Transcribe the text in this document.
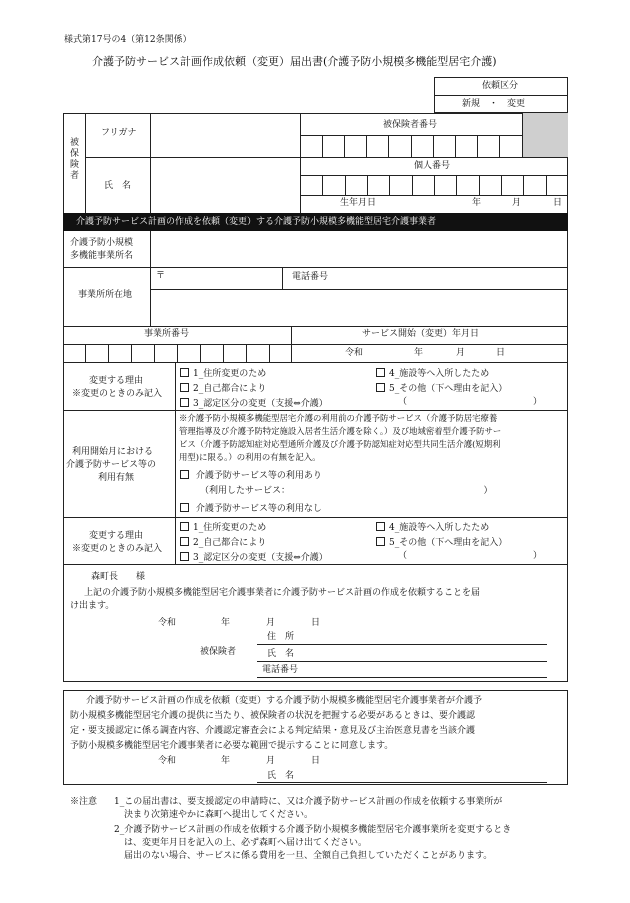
様式第17号の4（第12条関係）
介護予防サービス計画作成依頼（変更）届出書(介護予防小規模多機能型居宅介護)
依頼区分
新規　・　変更
被
保
険
者
フリガナ
氏　名
被保険者番号
個人番号
生年月日	年	月	日
介護予防サービス計画の作成を依頼（変更）する介護予防小規模多機能型居宅介護事業者
介護予防小規模
多機能事業所名
事業所所在地
〒	電話番号
事業所番号	サービス開始（変更）年月日
令和	年	月	日
変更する理由
※変更のときのみ記入
1_住所変更のため
2_自己都合により
3_認定区分の変更（支援⇔介護）
4_施設等へ入所したため
5_その他（下へ理由を記入）
（　　　　　　　　　　　　　　）
利用開始月における
介護予防サービス等の
利用有無
※介護予防小規模多機能型居宅介護の利用前の介護予防サービス（介護予防居宅療養
管理指導及び介護予防特定施設入居者生活介護を除く。）及び地域密着型介護予防サー
ビス（介護予防認知症対応型通所介護及び介護予防認知症対応型共同生活介護(短期利
用型)に限る。）の利用の有無を記入。
介護予防サービス等の利用あり
（利用したサービス：　　　　　　　　　　　　　　　　　　　　　　）
介護予防サービス等の利用なし
変更する理由
※変更のときのみ記入
1_住所変更のため
2_自己都合により
3_認定区分の変更（支援⇔介護）
4_施設等へ入所したため
5_その他（下へ理由を記入）
（　　　　　　　　　　　　　　）
森町長　　様
上記の介護予防小規模多機能型居宅介護事業者に介護予防サービス計画の作成を依頼することを届
け出ます。
令和　　　　　年　　　　月　　　　日
被保険者
住　所
氏　名
電話番号
介護予防サービス計画の作成を依頼（変更）する介護予防小規模多機能型居宅介護事業者が介護予
防小規模多機能型居宅介護の提供に当たり、被保険者の状況を把握する必要があるときは、要介護認
定・要支援認定に係る調査内容、介護認定審査会による判定結果・意見及び主治医意見書を当該介護
予防小規模多機能型居宅介護事業者に必要な範囲で提示することに同意します。
令和　　　　　年　　　　月　　　　日
氏　名
※注意 1_この届出書は、要支援認定の申請時に、又は介護予防サービス計画の作成を依頼する事業所が
決まり次第速やかに森町へ提出してください。
2_介護予防サービス計画の作成を依頼する介護予防小規模多機能型居宅介護事業所を変更するとき
は、変更年月日を記入の上、必ず森町へ届け出てください。
届出のない場合、サービスに係る費用を一旦、全額自己負担していただくことがあります。
